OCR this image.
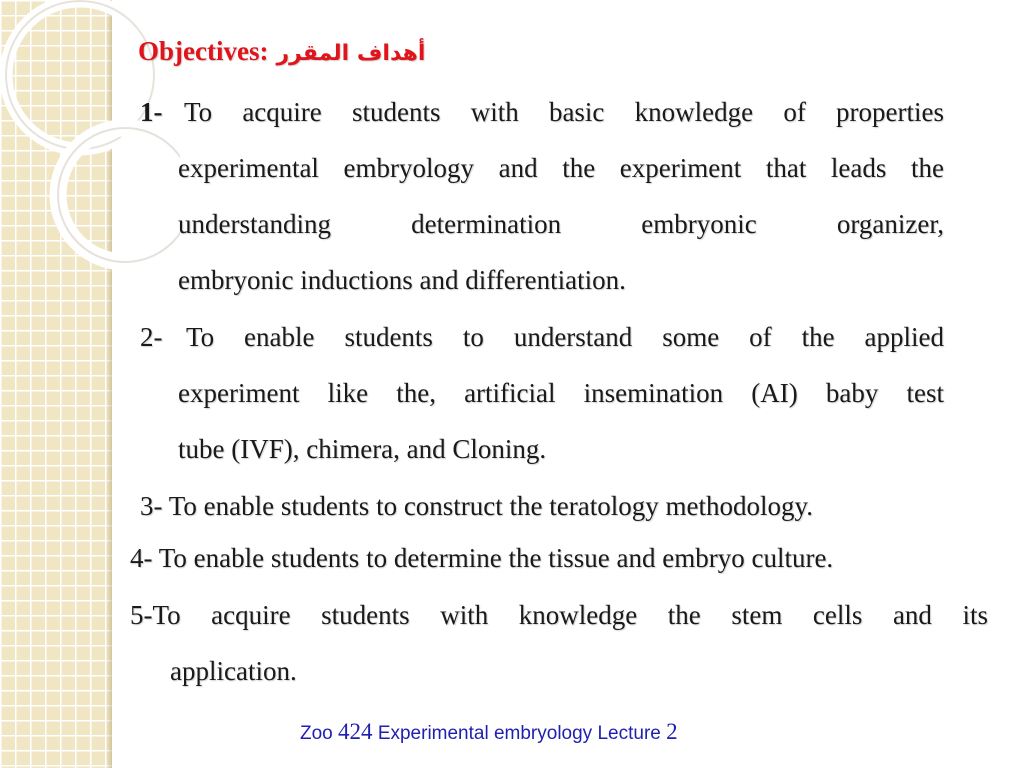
Objectives: أهداف المقرر
1- To acquire students with basic knowledge of properties
experimental embryology and the experiment that leads the
understanding determination embryonic organizer,
embryonic inductions and differentiation.
2- To enable students to understand some of the applied
experiment like the, artificial insemination (AI) baby test
tube (IVF), chimera, and Cloning.
3- To enable students to construct the teratology methodology.
4- To enable students to determine the tissue and embryo culture.
5-To acquire students with knowledge the stem cells and its
application.
Zoo 424 Experimental embryology Lecture 2
